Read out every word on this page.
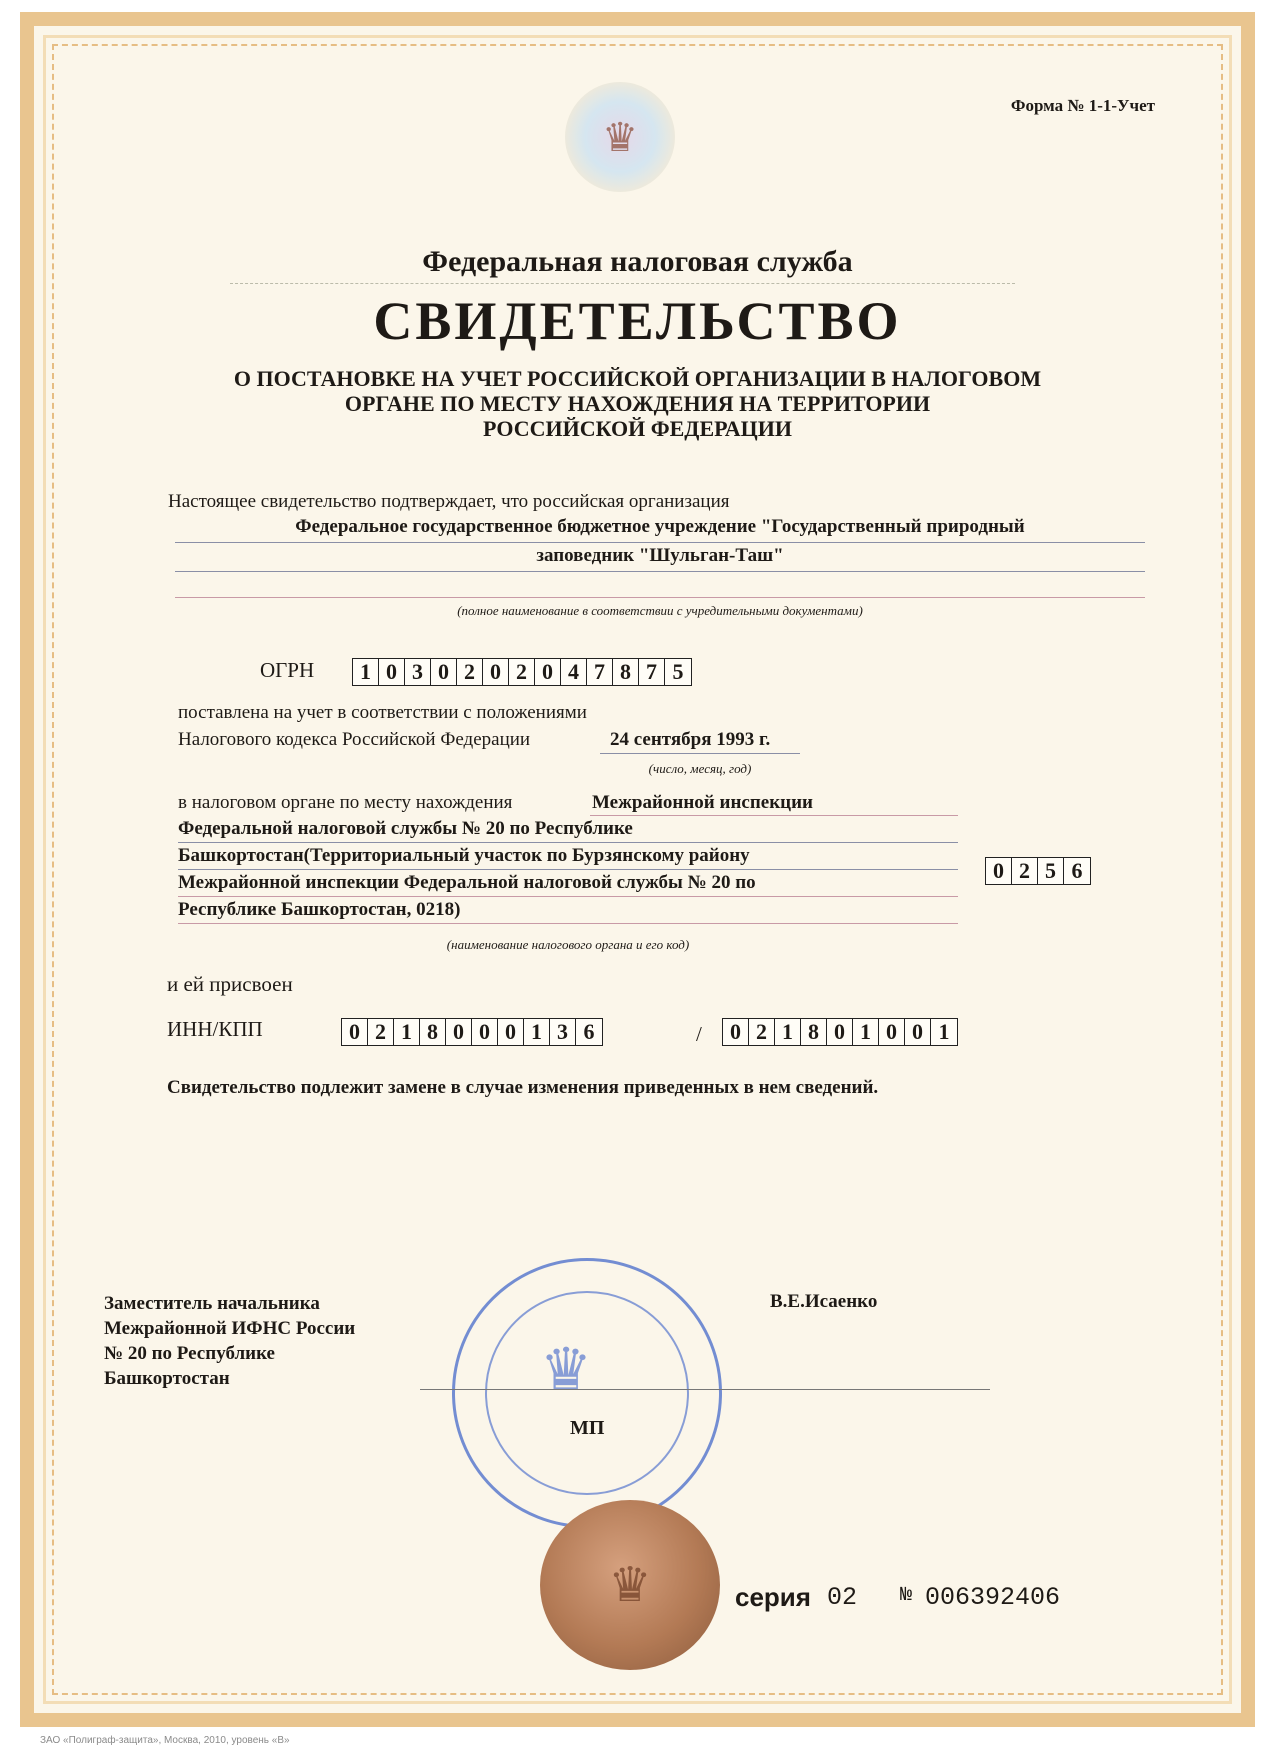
Форма № 1-1-Учет
♛
Федеральная налоговая служба
СВИДЕТЕЛЬСТВО
О ПОСТАНОВКЕ НА УЧЕТ РОССИЙСКОЙ ОРГАНИЗАЦИИ В НАЛОГОВОМ
ОРГАНЕ ПО МЕСТУ НАХОЖДЕНИЯ НА ТЕРРИТОРИИ
РОССИЙСКОЙ ФЕДЕРАЦИИ
Настоящее свидетельство подтверждает, что российская организация
Федеральное государственное бюджетное учреждение "Государственный природный
заповедник "Шульган-Таш"
(полное наименование в соответствии с учредительными документами)
ОГРН	1 0 3 0 2 0 2 0 4 7 8 7 5
поставлена на учет в соответствии с положениями
Налогового кодекса Российской Федерации	24 сентября 1993 г.
(число, месяц, год)
в налоговом органе по месту нахождения	Межрайонной инспекции
Федеральной налоговой службы № 20 по Республике
Башкортостан(Территориальный участок по Бурзянскому району
Межрайонной инспекции Федеральной налоговой службы № 20 по
Республике Башкортостан, 0218)
(наименование налогового органа и его код)
0 2 5 6
и ей присвоен
ИНН/КПП	0 2 1 8 0 0 0 1 3 6	/	0 2 1 8 0 1 0 0 1
Свидетельство подлежит замене в случае изменения приведенных в нем сведений.
Заместитель начальника
Межрайонной ИФНС России
№ 20 по Республике
Башкортостан
В.Е.Исаенко
♛
МП
♛	серия 02 № 006392406
ЗАО «Полиграф-защита», Москва, 2010, уровень «В»
